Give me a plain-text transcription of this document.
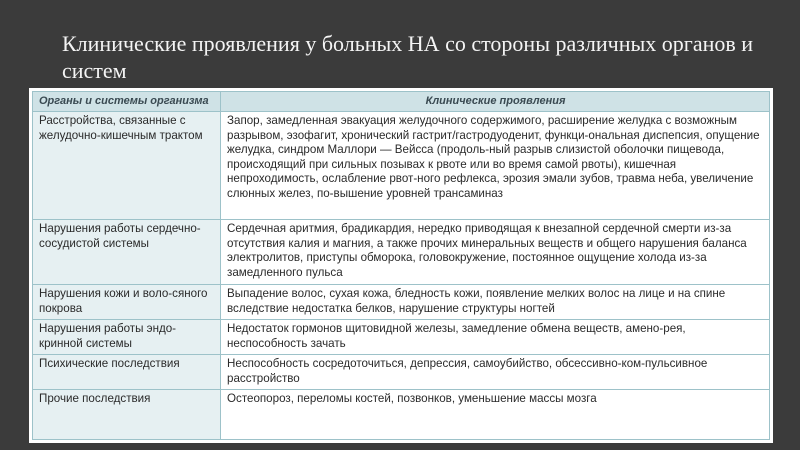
Клинические проявления у больных НА со стороны различных органов и систем
Органы и системы организма	Клинические проявления
Расстройства, связанные с желудочно-кишечным трактом	Запор, замедленная эвакуация желудочного содержимого, расширение желудка с возможным разрывом, эзофагит, хронический гастрит/гастродуоденит, функци-ональная диспепсия, опущение желудка, синдром Маллори — Вейсса (продоль-ный разрыв слизистой оболочки пищевода, происходящий при сильных позывах к рвоте или во время самой рвоты), кишечная непроходимость, ослабление рвот-ного рефлекса, эрозия эмали зубов, травма неба, увеличение слюнных желез, по-вышение уровней трансаминаз
Нарушения работы сердечно-сосудистой системы	Сердечная аритмия, брадикардия, нередко приводящая к внезапной сердечной смерти из-за отсутствия калия и магния, а также прочих минеральных веществ и общего нарушения баланса электролитов, приступы обморока, головокружение, постоянное ощущение холода из-за замедленного пульса
Нарушения кожи и воло-сяного покрова	Выпадение волос, сухая кожа, бледность кожи, появление мелких волос на лице и на спине вследствие недостатка белков, нарушение структуры ногтей
Нарушения работы эндо-кринной системы	Недостаток гормонов щитовидной железы, замедление обмена веществ, амено-рея, неспособность зачать
Психические последствия	Неспособность сосредоточиться, депрессия, самоубийство, обсессивно-ком-пульсивное расстройство
Прочие последствия	Остеопороз, переломы костей, позвонков, уменьшение массы мозга
